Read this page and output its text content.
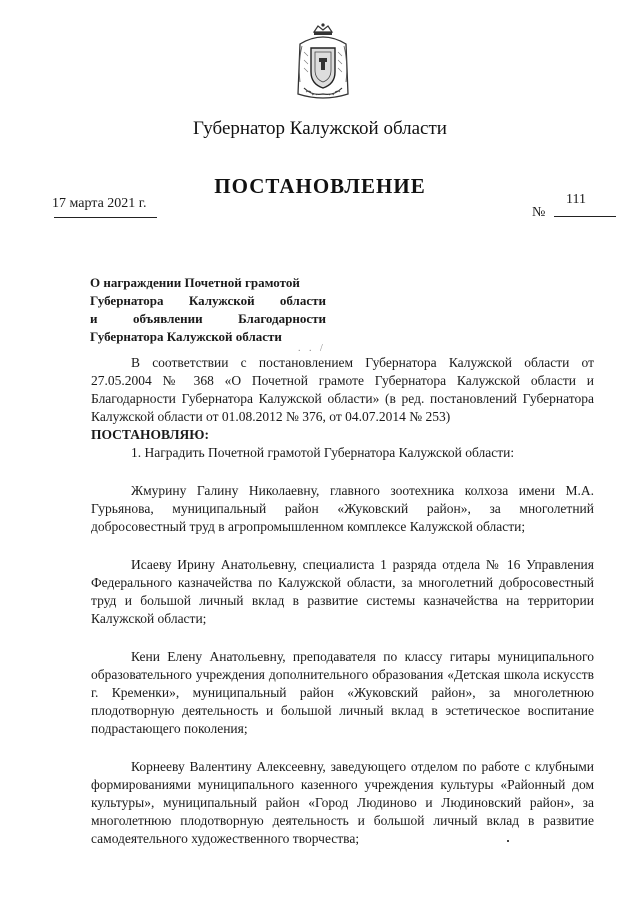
Губернатор Калужской области
ПОСТАНОВЛЕНИЕ
17 марта 2021 г.
№
111
О награждении Почетной грамотой
Губернатора Калужской области
и объявлении Благодарности
Губернатора Калужской области
. . /

В соответствии с постановлением Губернатора Калужской области от 27.05.2004 № 368 «О Почетной грамоте Губернатора Калужской области и Благодарности Губернатора Калужской области» (в ред. постановлений Губернатора Калужской области от 01.08.2012 № 376, от 04.07.2014 № 253)

ПОСТАНОВЛЯЮ:

1. Наградить Почетной грамотой Губернатора Калужской области:

Жмурину Галину Николаевну, главного зоотехника колхоза имени М.А. Гурьянова, муниципальный район «Жуковский район», за многолетний добросовестный труд в агропромышленном комплексе Калужской области;

Исаеву Ирину Анатольевну, специалиста 1 разряда отдела № 16 Управления Федерального казначейства по Калужской области, за многолетний добросовестный труд и большой личный вклад в развитие системы казначейства на территории Калужской области;

Кени Елену Анатольевну, преподавателя по классу гитары муниципального образовательного учреждения дополнительного образования «Детская школа искусств г. Кременки», муниципальный район «Жуковский район», за многолетнюю плодотворную деятельность и большой личный вклад в эстетическое воспитание подрастающего поколения;

Корнееву Валентину Алексеевну, заведующего отделом по работе с клубными формированиями муниципального казенного учреждения культуры «Районный дом культуры», муниципальный район «Город Людиново и Людиновский район», за многолетнюю плодотворную деятельность и большой личный вклад в развитие самодеятельного художественного творчества;
